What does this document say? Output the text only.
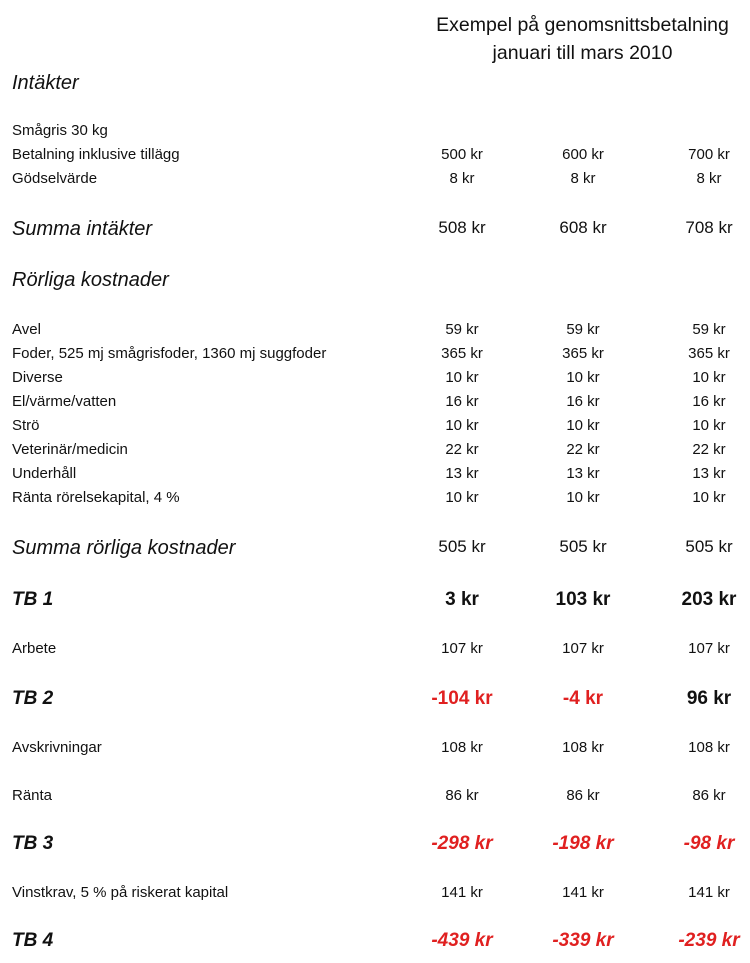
Exempel på genomsnittsbetalning
januari till mars 2010
Intäkter
Smågris 30 kg
Betalning inklusive tillägg	500 kr	600 kr	700 kr
Gödselvärde	8 kr	8 kr	8 kr
Summa intäkter	508 kr	608 kr	708 kr
Rörliga kostnader
Avel	59 kr	59 kr	59 kr
Foder, 525 mj smågrisfoder, 1360 mj suggfoder	365 kr	365 kr	365 kr
Diverse	10 kr	10 kr	10 kr
El/värme/vatten	16 kr	16 kr	16 kr
Strö	10 kr	10 kr	10 kr
Veterinär/medicin	22 kr	22 kr	22 kr
Underhåll	13 kr	13 kr	13 kr
Ränta rörelsekapital, 4 %	10 kr	10 kr	10 kr
Summa rörliga kostnader	505 kr	505 kr	505 kr
TB 1	3 kr	103 kr	203 kr
Arbete	107 kr	107 kr	107 kr
TB 2	-104 kr	-4 kr	96 kr
Avskrivningar	108 kr	108 kr	108 kr
Ränta	86 kr	86 kr	86 kr
TB 3	-298 kr	-198 kr	-98 kr
Vinstkrav, 5 % på riskerat kapital	141 kr	141 kr	141 kr
TB 4	-439 kr	-339 kr	-239 kr
